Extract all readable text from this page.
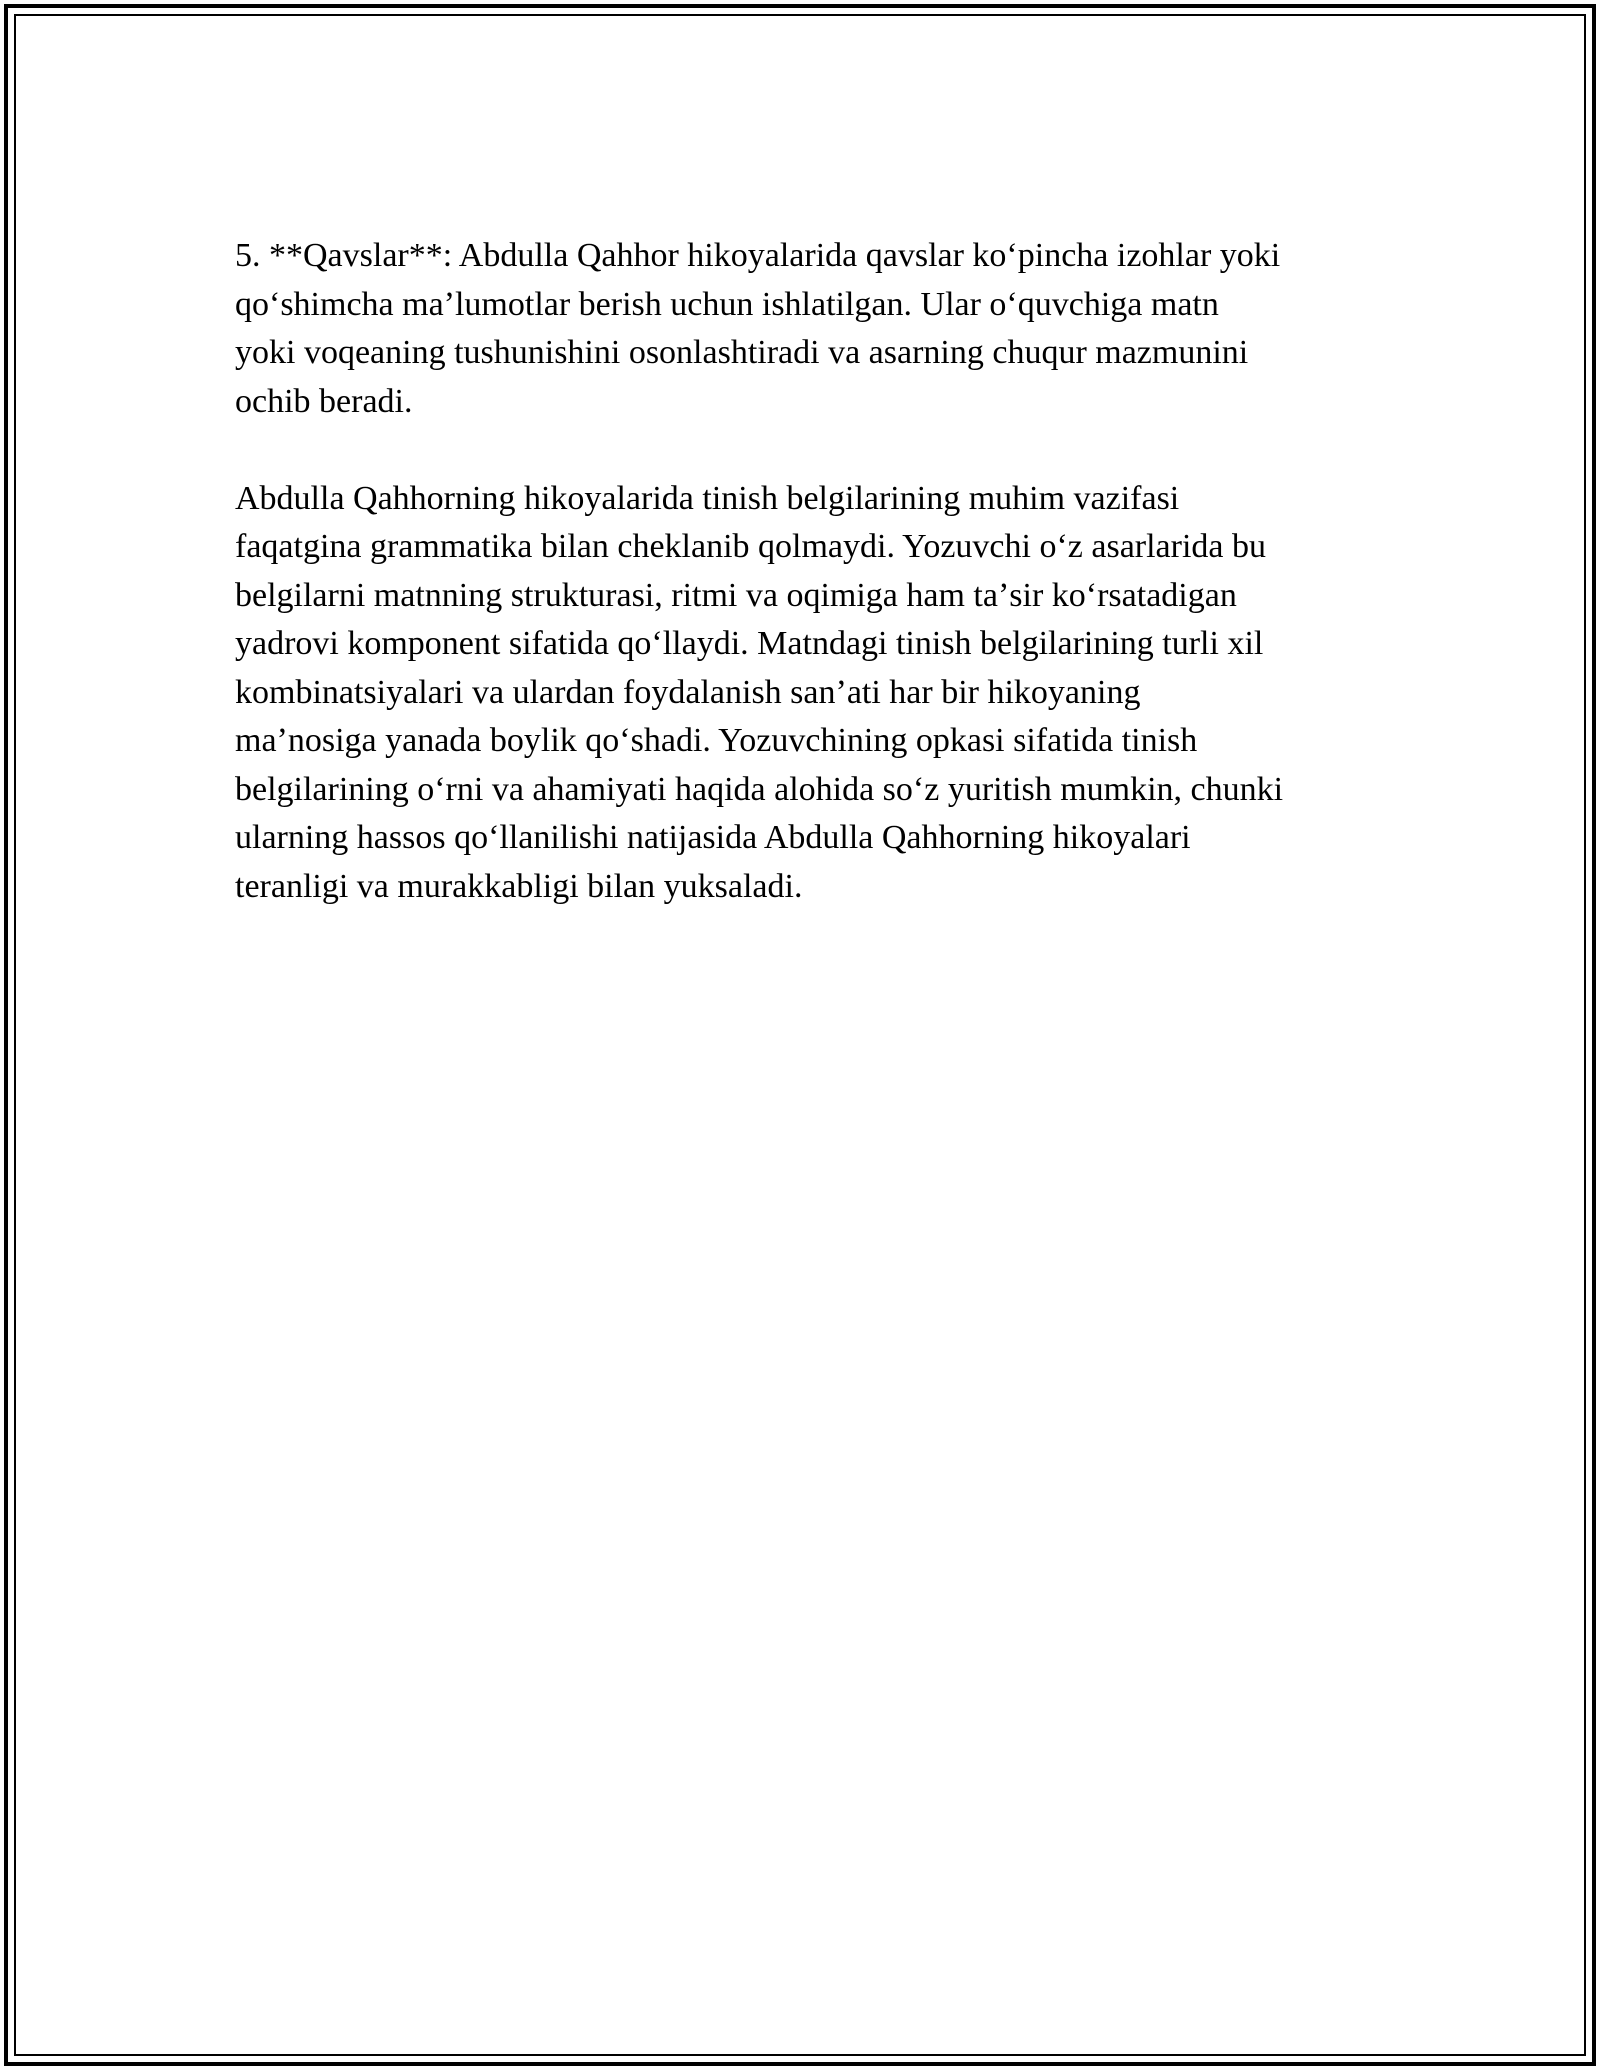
5. **Qavslar**: Abdulla Qahhor hikoyalarida qavslar koʻpincha izohlar yoki
qoʻshimcha maʼlumotlar berish uchun ishlatilgan. Ular oʻquvchiga matn
yoki voqeaning tushunishini osonlashtiradi va asarning chuqur mazmunini
ochib beradi.

Abdulla Qahhorning hikoyalarida tinish belgilarining muhim vazifasi
faqatgina grammatika bilan cheklanib qolmaydi. Yozuvchi oʻz asarlarida bu
belgilarni matnning strukturasi, ritmi va oqimiga ham taʼsir koʻrsatadigan
yadrovi komponent sifatida qoʻllaydi. Matndagi tinish belgilarining turli xil
kombinatsiyalari va ulardan foydalanish sanʼati har bir hikoyaning
maʼnosiga yanada boylik qoʻshadi. Yozuvchining opkasi sifatida tinish
belgilarining oʻrni va ahamiyati haqida alohida soʻz yuritish mumkin, chunki
ularning hassos qoʻllanilishi natijasida Abdulla Qahhorning hikoyalari
teranligi va murakkabligi bilan yuksaladi.
